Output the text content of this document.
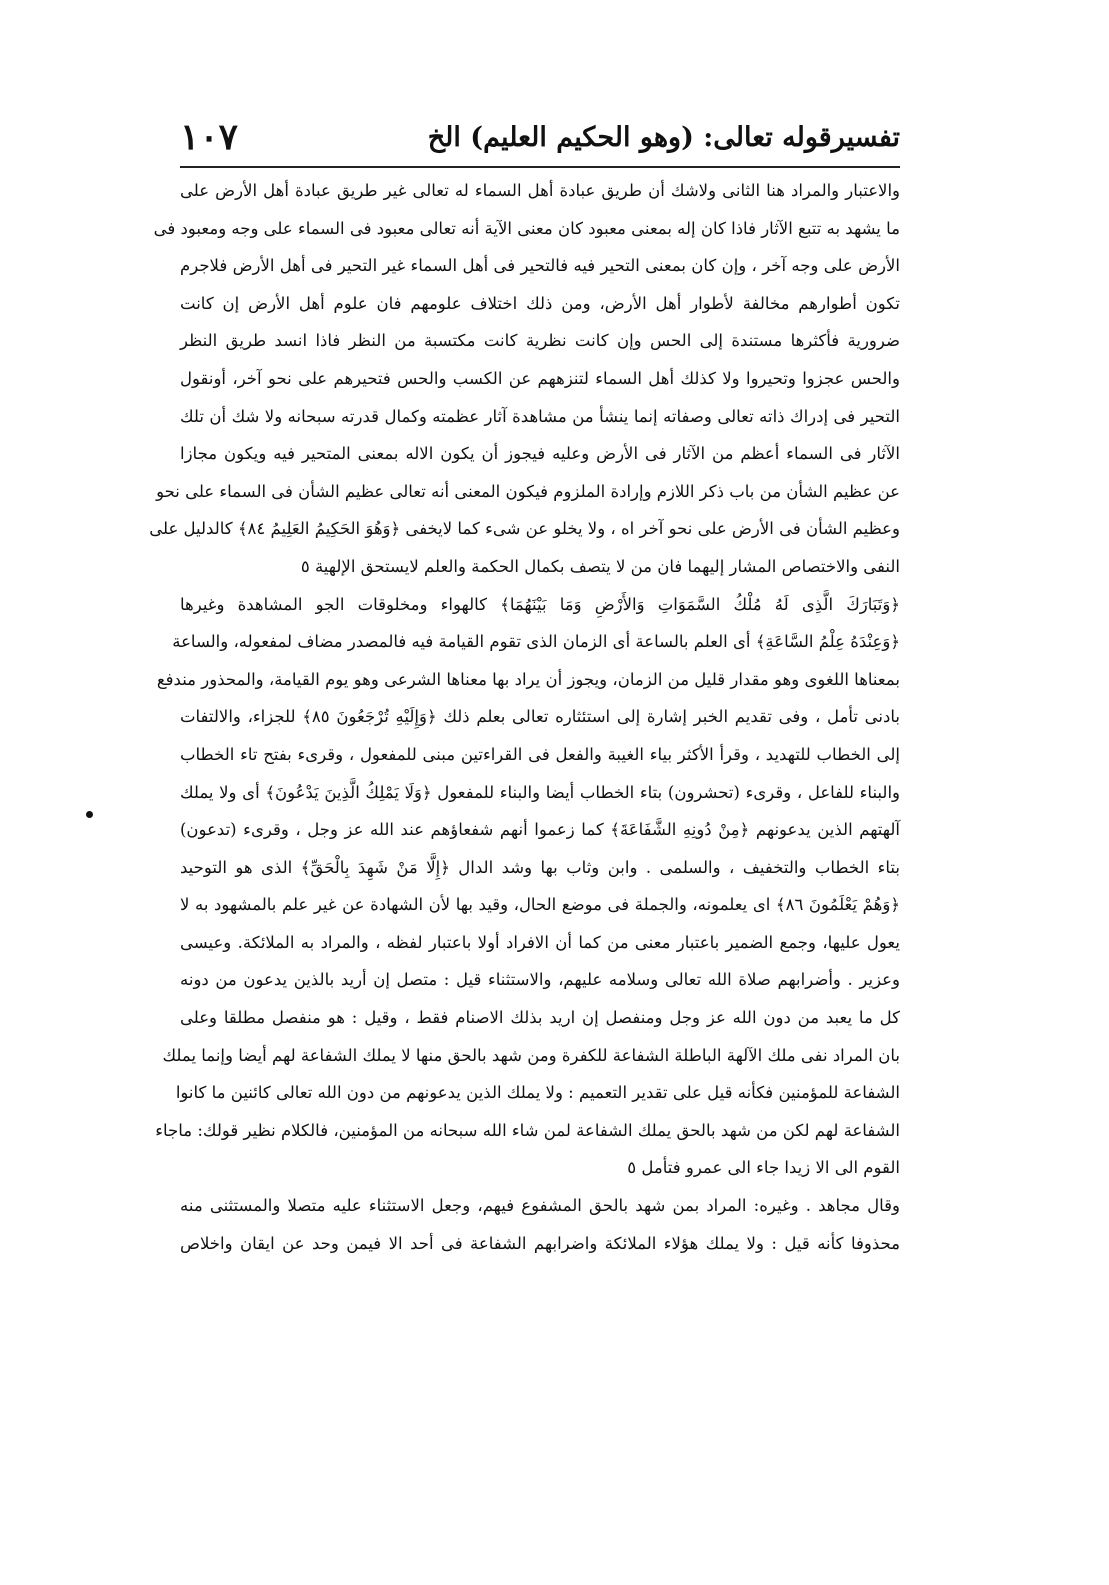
تفسيرقوله تعالى: (وهو الحكيم العليم) الخ
١٠٧
والاعتبار والمراد هنا الثانى ولاشك أن طريق عبادة أهل السماء له تعالى غير طريق عبادة أهل الأرض على
ما يشهد به تتبع الآثار فاذا كان إله بمعنى معبود كان معنى الآية أنه تعالى معبود فى السماء على وجه ومعبود فى
الأرض على وجه آخر ، وإن كان بمعنى التحير فيه فالتحير فى أهل السماء غير التحير فى أهل الأرض فلاجرم
تكون أطوارهم مخالفة لأطوار أهل الأرض، ومن ذلك اختلاف علومهم فان علوم أهل الأرض إن كانت
ضرورية فأكثرها مستندة إلى الحس وإن كانت نظرية كانت مكتسبة من النظر فاذا انسد طريق النظر
والحس عجزوا وتحيروا ولا كذلك أهل السماء لتنزههم عن الكسب والحس فتحيرهم على نحو آخر، أونقول
التحير فى إدراك ذاته تعالى وصفاته إنما ينشأ من مشاهدة آثار عظمته وكمال قدرته سبحانه ولا شك أن تلك
الآثار فى السماء أعظم من الآثار فى الأرض وعليه فيجوز أن يكون الاله بمعنى المتحير فيه ويكون مجازا
عن عظيم الشأن من باب ذكر اللازم وإرادة الملزوم فيكون المعنى أنه تعالى عظيم الشأن فى السماء على نحو
وعظيم الشأن فى الأرض على نحو آخر اه ، ولا يخلو عن شىء كما لايخفى ﴿وَهُوَ الحَكِيمُ العَلِيمُ ٨٤﴾ كالدليل على
النفى والاختصاص المشار إليهما فان من لا يتصف بكمال الحكمة والعلم لايستحق الإلهية ٥
﴿وَتَبَارَكَ الَّذِى لَهُ مُلْكُ السَّمَوَاتِ وَالأَرْضِ وَمَا بَيْنَهُمَا﴾ كالهواء ومخلوقات الجو المشاهدة وغيرها
﴿وَعِنْدَهُ عِلْمُ السَّاعَةِ﴾ أى العلم بالساعة أى الزمان الذى تقوم القيامة فيه فالمصدر مضاف لمفعوله، والساعة
بمعناها اللغوى وهو مقدار قليل من الزمان، ويجوز أن يراد بها معناها الشرعى وهو يوم القيامة، والمحذور مندفع
بادنى تأمل ، وفى تقديم الخبر إشارة إلى استئثاره تعالى بعلم ذلك ﴿وَإِلَيْهِ تُرْجَعُونَ ٨٥﴾ للجزاء، والالتفات
إلى الخطاب للتهديد ، وقرأ الأكثر بياء الغيبة والفعل فى القراءتين مبنى للمفعول ، وقرىء بفتح تاء الخطاب
والبناء للفاعل ، وقرىء (تحشرون) بتاء الخطاب أيضا والبناء للمفعول ﴿وَلَا يَمْلِكُ الَّذِينَ يَدْعُونَ﴾ أى ولا يملك
آلهتهم الذين يدعونهم ﴿مِنْ دُونِهِ الشَّفَاعَةَ﴾ كما زعموا أنهم شفعاؤهم عند الله عز وجل ، وقرىء (تدعون)
بتاء الخطاب والتخفيف ، والسلمى . وابن وثاب بها وشد الدال ﴿إِلَّا مَنْ شَهِدَ بِالْحَقِّ﴾ الذى هو التوحيد
﴿وَهُمْ يَعْلَمُونَ ٨٦﴾ اى يعلمونه، والجملة فى موضع الحال، وقيد بها لأن الشهادة عن غير علم بالمشهود به لا
يعول عليها، وجمع الضمير باعتبار معنى من كما أن الافراد أولا باعتبار لفظه ، والمراد به الملائكة. وعيسى
وعزير . وأضرابهم صلاة الله تعالى وسلامه عليهم، والاستثناء قيل : متصل إن أريد بالذين يدعون من دونه
كل ما يعبد من دون الله عز وجل ومنفصل إن اريد بذلك الاصنام فقط ، وقيل : هو منفصل مطلقا وعلى
بان المراد نفى ملك الآلهة الباطلة الشفاعة للكفرة ومن شهد بالحق منها لا يملك الشفاعة لهم أيضا وإنما يملك
الشفاعة للمؤمنين فكأنه قيل على تقدير التعميم : ولا يملك الذين يدعونهم من دون الله تعالى كائنين ما كانوا
الشفاعة لهم لكن من شهد بالحق يملك الشفاعة لمن شاء الله سبحانه من المؤمنين، فالكلام نظير قولك: ماجاء
القوم الى الا زيدا جاء الى عمرو فتأمل ٥
وقال مجاهد . وغيره: المراد بمن شهد بالحق المشفوع فيهم، وجعل الاستثناء عليه متصلا والمستثنى منه
محذوفا كأنه قيل : ولا يملك هؤلاء الملائكة واضرابهم الشفاعة فى أحد الا فيمن وحد عن ايقان واخلاص
